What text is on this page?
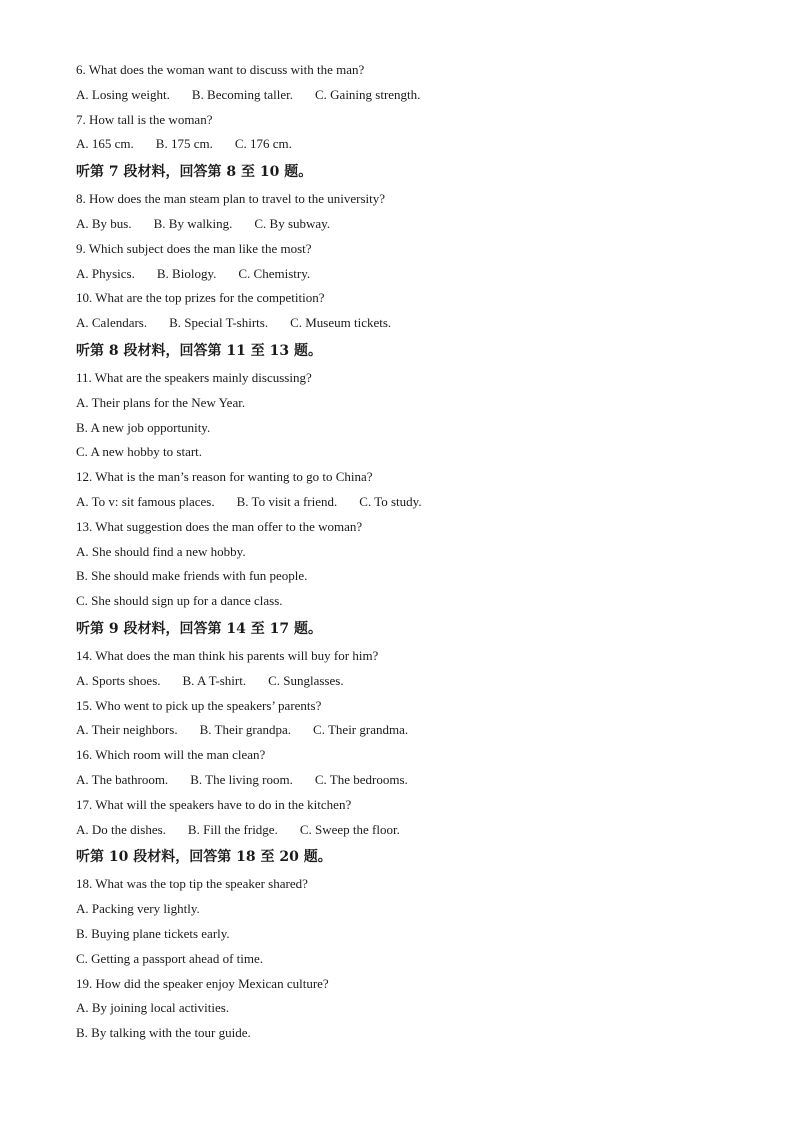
6. What does the woman want to discuss with the man?
A. Losing weight. B. Becoming taller. C. Gaining strength.
7. How tall is the woman?
A. 165 cm. B. 175 cm. C. 176 cm.
听第 7 段材料，回答第 8 至 10 题。
8. How does the man steam plan to travel to the university?
A. By bus. B. By walking. C. By subway.
9. Which subject does the man like the most?
A. Physics. B. Biology. C. Chemistry.
10. What are the top prizes for the competition?
A. Calendars. B. Special T-shirts. C. Museum tickets.
听第 8 段材料，回答第 11 至 13 题。
11. What are the speakers mainly discussing?
A. Their plans for the New Year.
B. A new job opportunity.
C. A new hobby to start.
12. What is the man’s reason for wanting to go to China?
A. To v: sit famous places. B. To visit a friend. C. To study.
13. What suggestion does the man offer to the woman?
A. She should find a new hobby.
B. She should make friends with fun people.
C. She should sign up for a dance class.
听第 9 段材料，回答第 14 至 17 题。
14. What does the man think his parents will buy for him?
A. Sports shoes. B. A T-shirt. C. Sunglasses.
15. Who went to pick up the speakers’ parents?
A. Their neighbors. B. Their grandpa. C. Their grandma.
16. Which room will the man clean?
A. The bathroom. B. The living room. C. The bedrooms.
17. What will the speakers have to do in the kitchen?
A. Do the dishes. B. Fill the fridge. C. Sweep the floor.
听第 10 段材料，回答第 18 至 20 题。
18. What was the top tip the speaker shared?
A. Packing very lightly.
B. Buying plane tickets early.
C. Getting a passport ahead of time.
19. How did the speaker enjoy Mexican culture?
A. By joining local activities.
B. By talking with the tour guide.
